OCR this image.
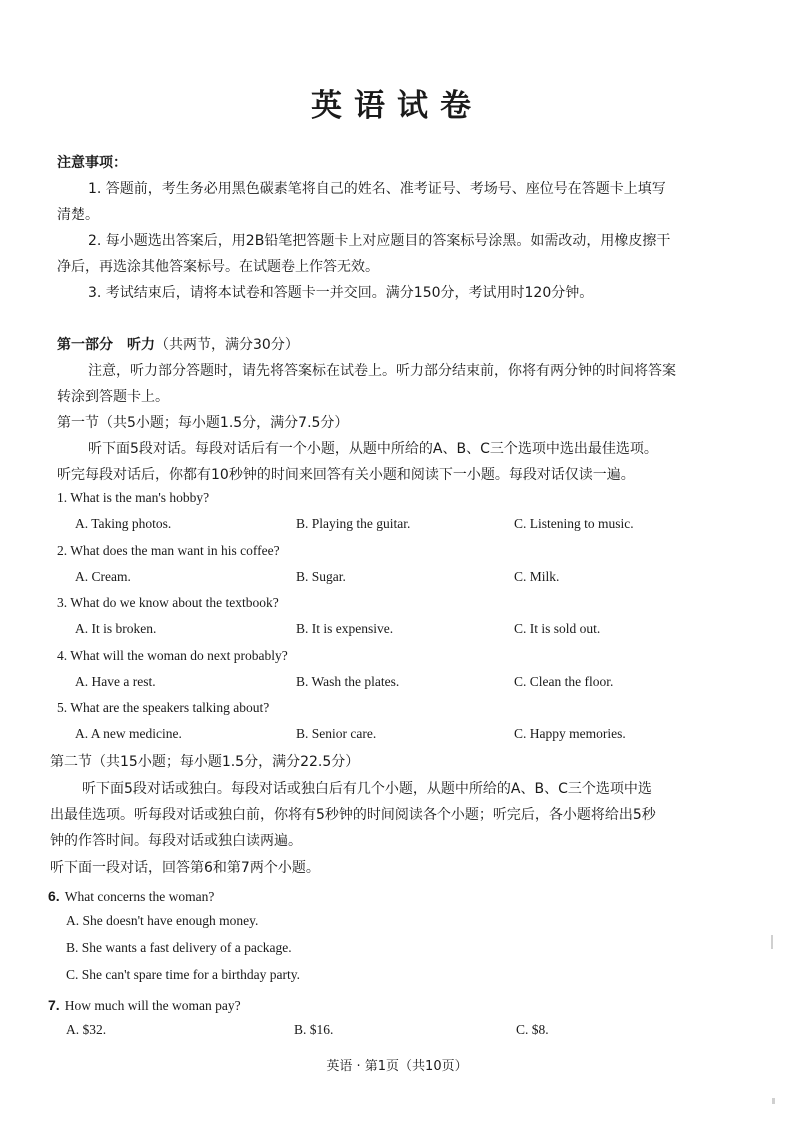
英语试卷
注意事项：
1. 答题前，考生务必用黑色碳素笔将自己的姓名、准考证号、考场号、座位号在答题卡上填写
清楚。
2. 每小题选出答案后，用2B铅笔把答题卡上对应题目的答案标号涂黑。如需改动，用橡皮擦干
净后，再选涂其他答案标号。在试题卷上作答无效。
3. 考试结束后，请将本试卷和答题卡一并交回。满分150分，考试用时120分钟。
第一部分　听力（共两节，满分30分）
注意，听力部分答题时，请先将答案标在试卷上。听力部分结束前，你将有两分钟的时间将答案
转涂到答题卡上。
第一节（共5小题；每小题1.5分，满分7.5分）
听下面5段对话。每段对话后有一个小题，从题中所给的A、B、C三个选项中选出最佳选项。
听完每段对话后，你都有10秒钟的时间来回答有关小题和阅读下一小题。每段对话仅读一遍。
1. What is the man's hobby?
A. Taking photos.	B. Playing the guitar.	C. Listening to music.
2. What does the man want in his coffee?
A. Cream.	B. Sugar.	C. Milk.
3. What do we know about the textbook?
A. It is broken.	B. It is expensive.	C. It is sold out.
4. What will the woman do next probably?
A. Have a rest.	B. Wash the plates.	C. Clean the floor.
5. What are the speakers talking about?
A. A new medicine.	B. Senior care.	C. Happy memories.
第二节（共15小题；每小题1.5分，满分22.5分）
听下面5段对话或独白。每段对话或独白后有几个小题，从题中所给的A、B、C三个选项中选
出最佳选项。听每段对话或独白前，你将有5秒钟的时间阅读各个小题；听完后，各小题将给出5秒
钟的作答时间。每段对话或独白读两遍。
听下面一段对话，回答第6和第7两个小题。
6. What concerns the woman?
A. She doesn't have enough money.
B. She wants a fast delivery of a package.
C. She can't spare time for a birthday party.
7. How much will the woman pay?
A. $32.	B. $16.	C. $8.
英语 · 第1页（共10页）
